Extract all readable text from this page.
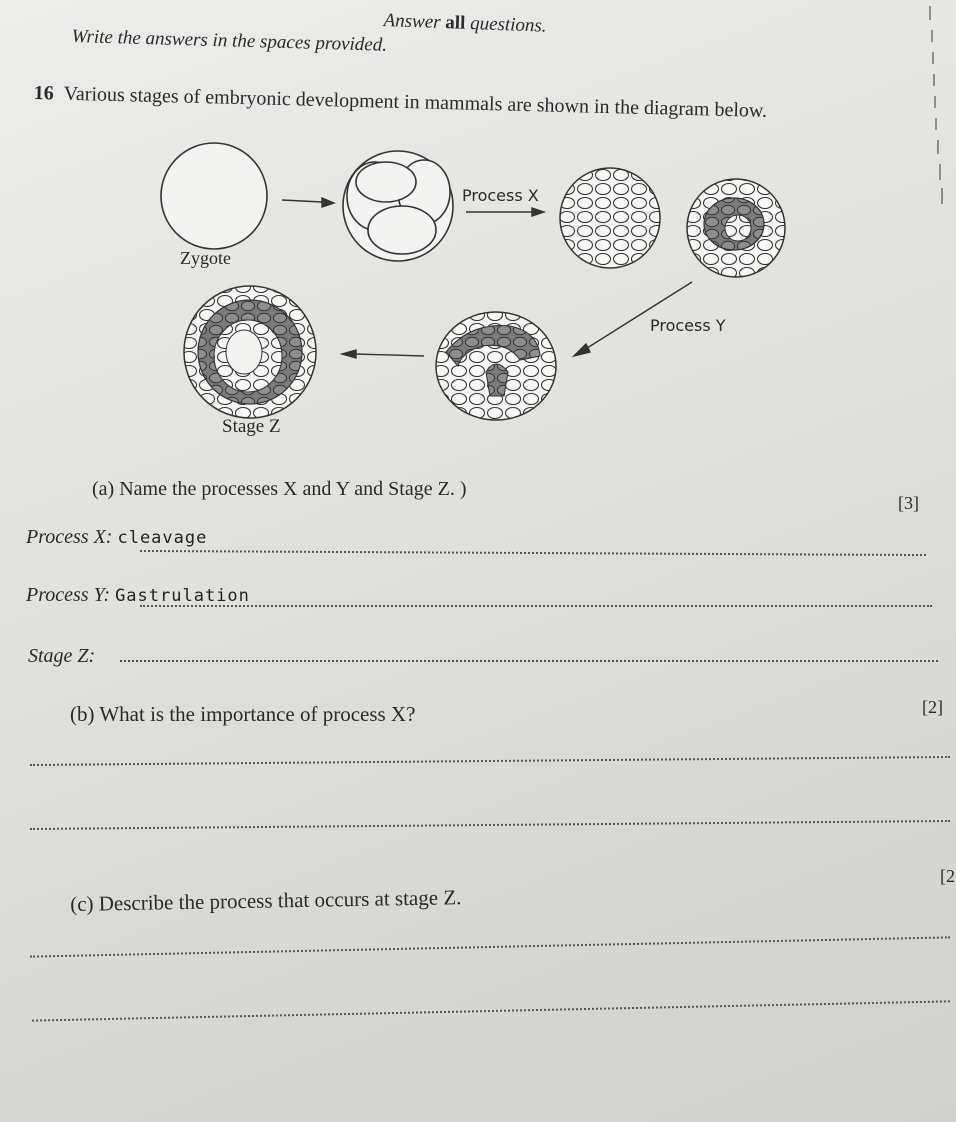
Answer all questions.
Write the answers in the spaces provided.
16 Various stages of embryonic development in mammals are shown in the diagram below.
Zygote
Process X
Process Y
Stage Z
(a) Name the processes X and Y and Stage Z. )
[3]
Process X: cleavage
Process Y: Gastrulation
Stage Z:
(b) What is the importance of process X?	[2]
[2
(c) Describe the process that occurs at stage Z.
